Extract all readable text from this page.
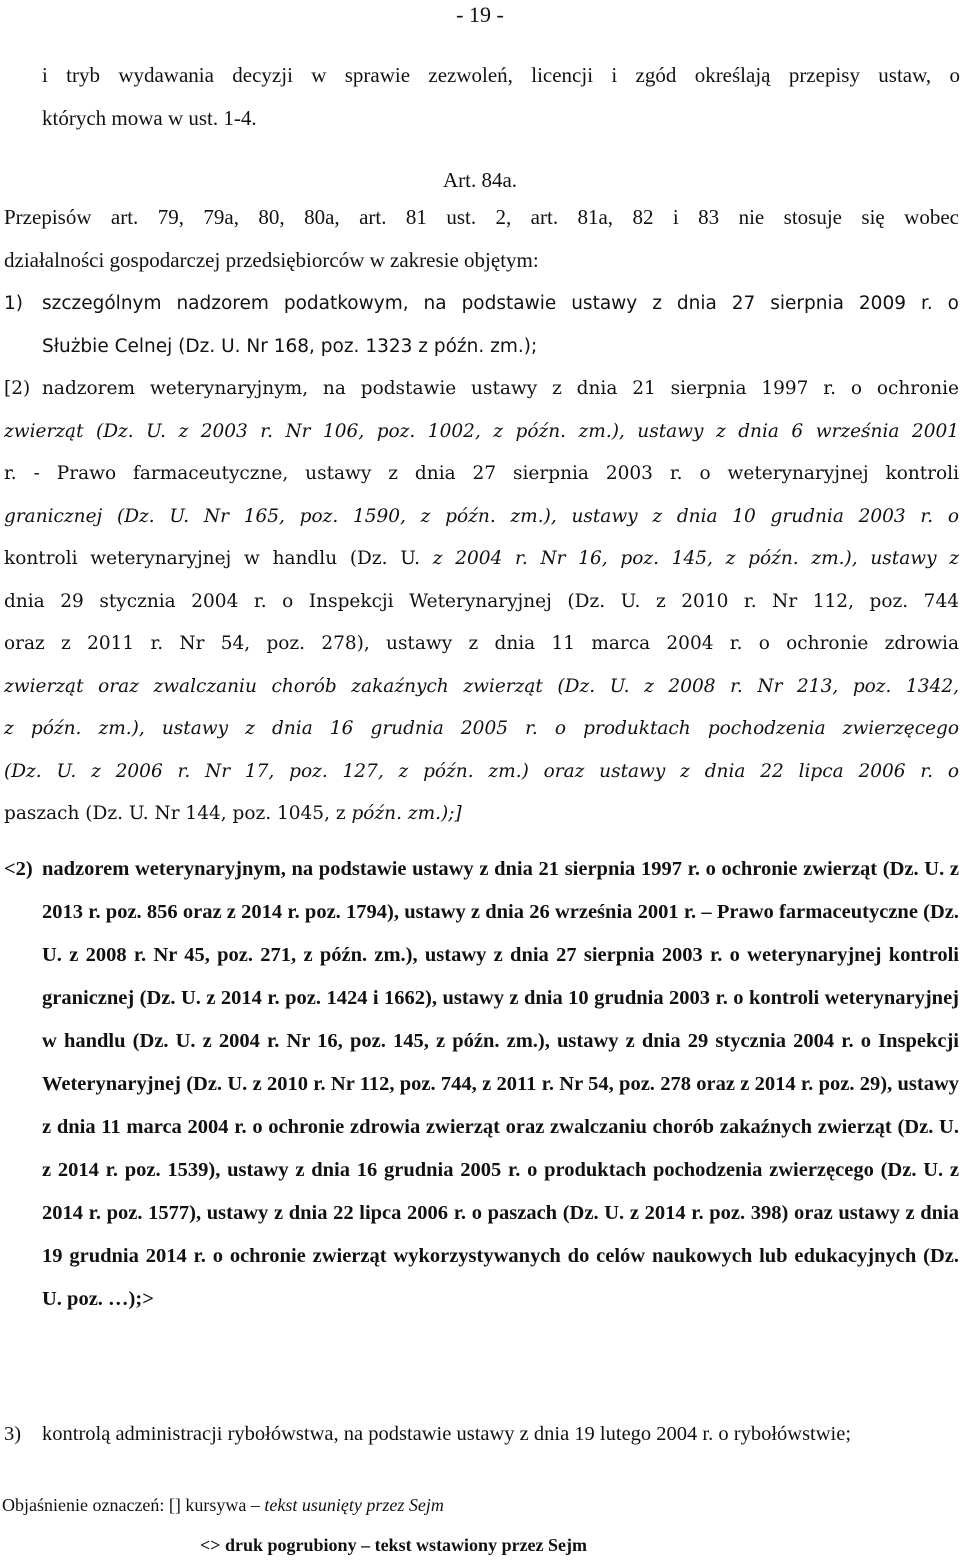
- 19 -
i tryb wydawania decyzji w sprawie zezwoleń, licencji i zgód określają przepisy ustaw, o
których mowa w ust. 1-4.
Art. 84a.
Przepisów art. 79, 79a, 80, 80a, art. 81 ust. 2, art. 81a, 82 i 83 nie stosuje się wobec
działalności gospodarczej przedsiębiorców w zakresie objętym:
1)	szczególnym nadzorem podatkowym, na podstawie ustawy z dnia 27 sierpnia 2009 r. o
Służbie Celnej (Dz. U. Nr 168, poz. 1323 z późn. zm.);
[2) nadzorem weterynaryjnym, na podstawie ustawy z dnia 21 sierpnia 1997 r. o ochronie
zwierząt (Dz. U. z 2003 r. Nr 106, poz. 1002, z późn. zm.), ustawy z dnia 6 września 2001
r. - Prawo farmaceutyczne, ustawy z dnia 27 sierpnia 2003 r. o weterynaryjnej kontroli
granicznej (Dz. U. Nr 165, poz. 1590, z późn. zm.), ustawy z dnia 10 grudnia 2003 r. o
kontroli weterynaryjnej w handlu (Dz. U. z 2004 r. Nr 16, poz. 145, z późn. zm.), ustawy z
dnia 29 stycznia 2004 r. o Inspekcji Weterynaryjnej (Dz. U. z 2010 r. Nr 112, poz. 744
oraz z 2011 r. Nr 54, poz. 278), ustawy z dnia 11 marca 2004 r. o ochronie zdrowia
zwierząt oraz zwalczaniu chorób zakaźnych zwierząt (Dz. U. z 2008 r. Nr 213, poz. 1342,
z późn. zm.), ustawy z dnia 16 grudnia 2005 r. o produktach pochodzenia zwierzęcego
(Dz. U. z 2006 r. Nr 17, poz. 127, z późn. zm.) oraz ustawy z dnia 22 lipca 2006 r. o
paszach (Dz. U. Nr 144, poz. 1045, z późn. zm.);]
<2) nadzorem weterynaryjnym, na podstawie ustawy z dnia 21 sierpnia 1997 r. o ochronie zwierząt (Dz. U. z 2013 r. poz. 856 oraz z 2014 r. poz. 1794), ustawy z dnia 26 września 2001 r. – Prawo farmaceutyczne (Dz. U. z 2008 r. Nr 45, poz. 271, z późn. zm.), ustawy z dnia 27 sierpnia 2003 r. o weterynaryjnej kontroli granicznej (Dz. U. z 2014 r. poz. 1424 i 1662), ustawy z dnia 10 grudnia 2003 r. o kontroli weterynaryjnej w handlu (Dz. U. z 2004 r. Nr 16, poz. 145, z późn. zm.), ustawy z dnia 29 stycznia 2004 r. o Inspekcji Weterynaryjnej (Dz. U. z 2010 r. Nr 112, poz. 744, z 2011 r. Nr 54, poz. 278 oraz z 2014 r. poz. 29), ustawy z dnia 11 marca 2004 r. o ochronie zdrowia zwierząt oraz zwalczaniu chorób zakaźnych zwierząt (Dz. U. z 2014 r. poz. 1539), ustawy z dnia 16 grudnia 2005 r. o produktach pochodzenia zwierzęcego (Dz. U. z 2014 r. poz. 1577), ustawy z dnia 22 lipca 2006 r. o paszach (Dz. U. z 2014 r. poz. 398) oraz ustawy z dnia 19 grudnia 2014 r. o ochronie zwierząt wykorzystywanych do celów naukowych lub edukacyjnych (Dz. U. poz. …);>
3)	kontrolą administracji rybołówstwa, na podstawie ustawy z dnia 19 lutego 2004 r. o rybołówstwie;
Objaśnienie oznaczeń: [] kursywa – tekst usunięty przez Sejm
<> druk pogrubiony – tekst wstawiony przez Sejm
